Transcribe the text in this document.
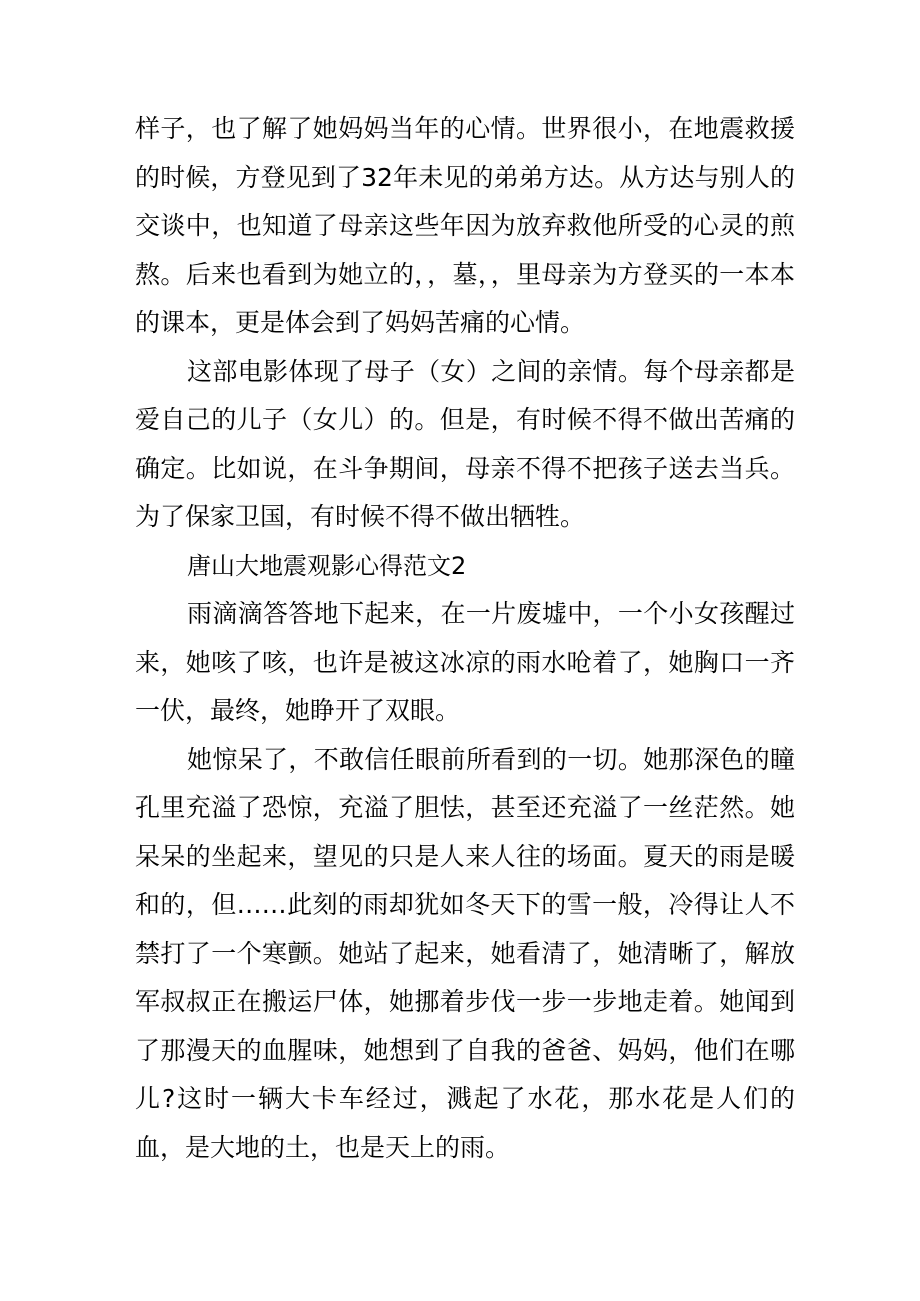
样子，也了解了她妈妈当年的心情。世界很小，在地震救援的时候，方登见到了32年未见的弟弟方达。从方达与别人的交谈中，也知道了母亲这些年因为放弃救他所受的心灵的煎熬。后来也看到为她立的，，墓，，里母亲为方登买的一本本的课本，更是体会到了妈妈苦痛的心情。

这部电影体现了母子（女）之间的亲情。每个母亲都是爱自己的儿子（女儿）的。但是，有时候不得不做出苦痛的确定。比如说，在斗争期间，母亲不得不把孩子送去当兵。为了保家卫国，有时候不得不做出牺牲。

唐山大地震观影心得范文2

雨滴滴答答地下起来，在一片废墟中，一个小女孩醒过来，她咳了咳，也许是被这冰凉的雨水呛着了，她胸口一齐一伏，最终，她睁开了双眼。

她惊呆了，不敢信任眼前所看到的一切。她那深色的瞳孔里充溢了恐惊，充溢了胆怯，甚至还充溢了一丝茫然。她呆呆的坐起来，望见的只是人来人往的场面。夏天的雨是暖和的，但……此刻的雨却犹如冬天下的雪一般，冷得让人不禁打了一个寒颤。她站了起来，她看清了，她清晰了，解放军叔叔正在搬运尸体，她挪着步伐一步一步地走着。她闻到了那漫天的血腥味，她想到了自我的爸爸、妈妈，他们在哪儿?这时一辆大卡车经过，溅起了水花，那水花是人们的血，是大地的土，也是天上的雨。
